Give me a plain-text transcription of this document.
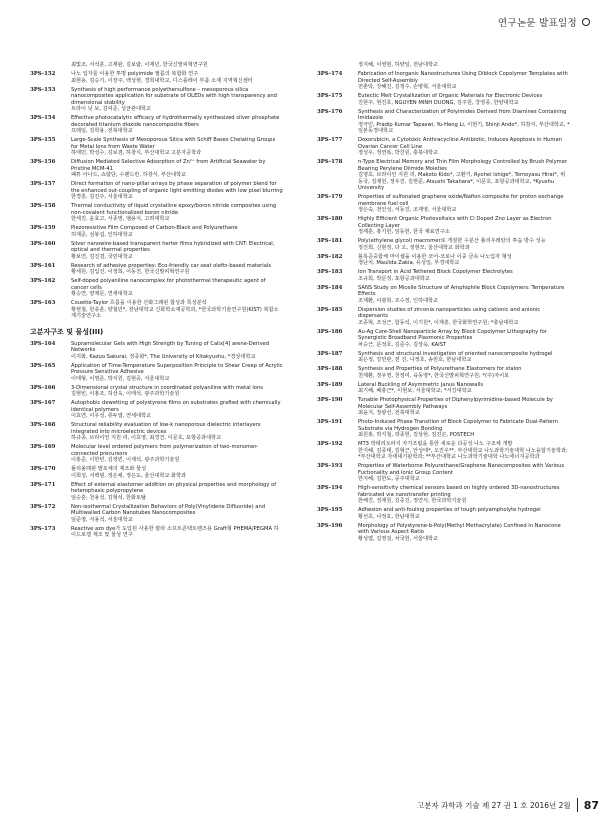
연구논문 발표일정
최빛조, 서석훈, 고재완, 김보람, 이재년, 한국신발피혁연구원
3PS-152	나노 입자를 이용한 투명 polyimide 필름의 복합화 연구
최현용, 김승기, 이장주, 백성현, 경희대학교, 디스플레이 부품 소재 지역혁신센터
3PS-153	Synthesis of high performance polyethersulfone – mesoporous silica nanocomposites application for substrate of OLEDs with high transparency and dimensional stability
트라이 닛 보, 김덕준, 성균관대학교
3PS-154	Effective photocatalytic efficacy of hydrothermally synthesized silver phosphate decorated titanium dioxide nanocomposite fibers
프레임, 김학용, 전북대학교
3PS-155	Large-Scale Synthesis of Mesoporous Silica with Schiff Bases Chelating Groups for Metal Ions from Waste Water
하태민, 박성수, 김보겸, 하창식, 부산대학교 고분자공학과
3PS-156	Diffusion Mediated Selective Adsorption of Zn²⁺ from Artificial Seawater by Pristine MCM-41
패튜 아나드, 쇼람단, 수렌드란, 하창식, 부산대학교
3PS-157	Direct formation of nano-pillar arrays by phase separation of polymer blend for the enhanced out-coupling of organic light emitting diodes with low pixel blurring
한경흥, 김진주, 서울대학교
3PS-158	Thermal conductivity of liquid crystalline epoxy/boron nitride composites using non-covalent functionalized boron nitride
한세진, 윤효고, 서종영, 엠용식, 고려대학교
3PS-159	Piezoresistive Film Composed of Carbon-Black and Polyurethane
허재준, 심봉섭, 인하대학교
3PS-160	Silver nanowire-based transparent herter films hybridized with CNT: Electrical, optical and thermal properties
황보연, 김진겸, 국민대학교
3PS-161	Research of adhesive properties: Eco-friendly car seat olefin-based materials
황세원, 김입진, 이정희, 이동진, 한국신발피혁연구원
3PS-162	Self-doped polyaniline nanocomplex for photothermal therapeutic agent of cancer cells
황승연, 양재문, 연세대학교
3PS-163	Couette-Taylor 흐름을 이용한 산화그래핀 합성과 특성분석
황현철, 한종훈, 양철민*, 전남대학교 신화학소재공학과, *한국과학기술연구원(KIST) 복합소재기술연구소
고분자구조 및 물성(III)
3PS-164	Supramolecular Gels with High Strength by Tuning of Calix[4] arene-Derived Networks
이지화, Kazuo Sakurai, 정종화*, The University of Kitakyushu, *경상대학교
3PS-165	Application of Time-Temperature Superposition Principle to Shear Creep of Acrylic Pressure Sensitive Adhesive
이태형, 이영준, 박지원, 김현증, 서울대학교
3PS-166	3-Dimensional crystal structure in coordinated polyaniline with metal ions
김현빈, 이홍조, 허상욱, 이태석, 광주과학기술원
3PS-167	Autophobic dewetting of polystyrene films on substrates grafted with chemically identical polymers
이효연, 이우성, 류두열, 연세대학교
3PS-168	Structural reliability evaluation of low-k nanoporous dielectric interlayers integrated into microelectric devices
하규종, 브라이언 지원 리, 이효영, 최경건, 이문호, 포항공과대학교
3PS-169	Molecular level ordered polymers from polymerization of two-monomer-connected precursors
이홍준, 이한빈, 김정빈, 이재석, 광주과학기술원
3PS-170	폴리올레핀 발포체의 제조와 물성
이희성, 서백범, 정은채, 정은도, 울산대학교 화학과
3PS-171	Effect of external elastomer addition on physical properties and morphology of heterophasic polypropylene
임승훈, 천용성, 김형석, 한화토탈
3PS-172	Non-isothermal Crystallization Behaviors of Poly(Vinylidene Difluoride) and Multiwalled Carbon Nanotubes Nanocomposites
임준영, 서용석, 서울대학교
3PS-173	Reactive azo dye가 도입된 사용한 칼라 소프트콘택트렌즈용 Graft형 PHEMA/PEGMA 하이드로겔 제조 및 물성 연구
정지혜, 이영현, 하양일, 전남대학교
3PS-174	Fabrication of Inorganic Nanostructures Using Diblock Copolymer Templates with Directed Self-Assembly
전춘탁, 강혜진, 김정수, 손병혁, 서울대학교
3PS-175	Eutectic Melt Crystallization of Organic Materials for Electronic Devices
진현주, 현진호, NGUYEN MINH DUONG, 김주원, 강영종, 한양대학교
3PS-176	Synthesis and Characterization of Polyimides Derived from Diamines Containing Imidazole
정극민, Pradip Kumar Tapaswi, Yu-Heng Li, 이현기, Shinji Ando*, 하창식, 부산대학교, *일본동경대학교
3PS-177	Doxorubicin, a Cytotoxic Anthracycline Antibiotic, Induces Apoptosis in Human Ovarian Cancer Cell Line
정성우, 정연복, 박찬원, 충북대학교
3PS-178	n-Type Electrical Memory and Thin Film Morphology Controlled by Brush Polymer Bearing Perylene Diimide Moieties
김영호, 브라이언 지원 리, Makoto Kido*, 고환기, Ryohei Ishige*, Tomoyasu Hirai*, 위동국, 김제헌, 정우진, 김현준, Atsushi Takahara*, 이문호, 포항공과대학교, *Kyushu University
3PS-179	Properties of sulfonated graphene oxide/Nafion composite for proton exchange membrane fuel cell
정은숙, 전인성, 서동진, 조재영, 서울대학교
3PS-180	Highly Efficient Organic Photovoltaics with Cl Doped Zno Layer as Electron Collecting Layer
정재훈, 홍기헌, 임동헌, 한국 재료연구소
3PS-181	Poly(ethylene glycol) macromer로 개질한 수분산 폴리우레탄의 투습 방수 성능
정진희, 신현정, 다 오, 정현모, 울산대학교 화학과
3PS-182	블록공중합체 마이셀을 이용한 코어-코로나 이중 금속 나노입자 형성
정난치, Maulida Zakia, 유성일, 부경대학교
3PS-183	Ion Transport in Acid Tethered Block Copolymer Electrolytes
조규희, 박문정, 포항공과대학교
3PS-184	SANS Study on Micelle Structure of Amphiphile Block Copolymers: Temperature Effects
조재환, 이광희, 조수정, 인하대학교
3PS-185	Dispersion studies of zirconia nanoparticles using cationic and anionic dispersants
조종혁, 조성근, 함동석, 이기원*, 이재흥, 한국화학연구원; *충남대학교
3PS-186	Au-Ag Core-Shell Nanoparticle Array by Block Copolymer Lithography for Synergistic Broadband Plasmonic Properties
차승근, 문정호, 김준수, 김상욱, KAIST
3PS-187	Synthesis and structural investigation of oriented nanocomposite hydrogel
최은정, 강민관, 전 진, 나정호, 송헌호, 한남대학교
3PS-188	Synthesis and Properties of Polyurethane Elastomers for stalon
천제환, 정우영, 천정미, 육동영*, 한국신발피혁연구원; *(주)자이로
3PS-189	Lateral Buckling of Asymmetric Janus Nanowalls
최기혜, 배충근*, 이현보, 서울대학교; *서강대학교
3PS-190	Tunable Photophysical Properties of Diphenylpyrimidine-based Molecule by Molecular Self-Assembly Pathways
최윤지, 장광선, 전북대학교
3PS-191	Photo-Induced Phase Transition of Block Copolymer to Fabricate Dual-Pattern Substrate via Hydrogen Bonding
최원홍, 박지철, 곽종헌, 김상현, 김진곤, POSTECH
3PS-192	MT3 박테리오파지 자가조립을 통한 새로운 다공성 나노 구조체 개발
한지혜, 김종태, 김형근, 안성태*, 오진우**, 부산대학교 나노과학기술대학 나노융합기술학과; *부산대학교 자세대기판학과; **부산대학교 나노과학기술대학 나노에너지공학과
3PS-193	Properties of Waterborne Polyurethane/Graphene Nanocomposites with Various Fuctionality and Ionic Group Content
한지혜, 김한도, 공주대학교
3PS-194	High-sensitivity chemical sensors based on highly ordered 3D-nanostructures fabricated via nanotransfer printing
한해진, 정재원, 김종진, 정연식, 한국과학기술원
3PS-195	Adhesion and anti-fouling properties of tough polyampholyte hydrogel
황선호, 나정호, 한남대학교
3PS-196	Morphology of Polystyrene-b-Poly(Methyl Methacrylate) Confined in Nanocone with Various Aspect Ratio
황성엽, 김영걸, 차국헌, 서울대학교
고분자 과학과 기술 제 27 권 1 호 2016년 2월 87
